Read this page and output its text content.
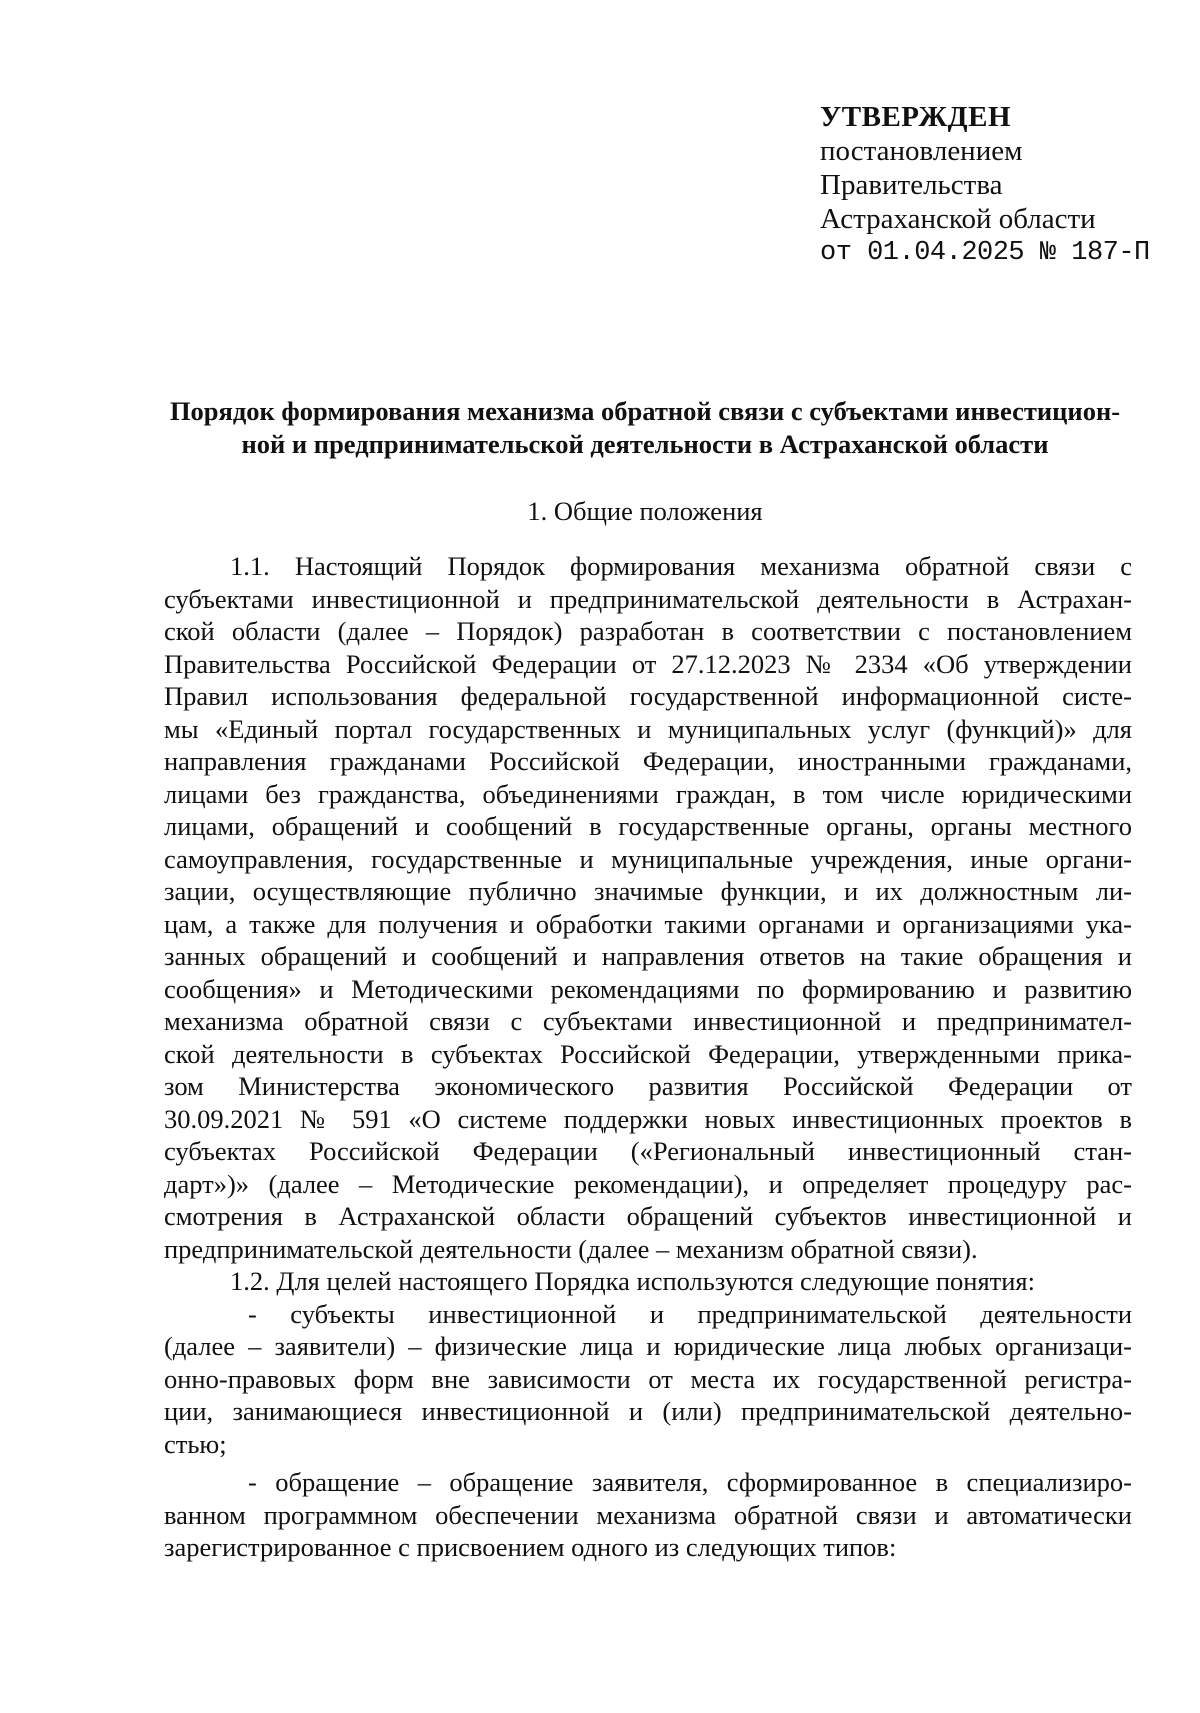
УТВЕРЖДЕН
постановлением
Правительства
Астраханской области
от 01.04.2025 № 187-П
Порядок формирования механизма обратной связи с субъектами инвестицион-
ной и предпринимательской деятельности в Астраханской области
1. Общие положения
1.1. Настоящий Порядок формирования механизма обратной связи с
субъектами инвестиционной и предпринимательской деятельности в Астрахан-
ской области (далее – Порядок) разработан в соответствии с постановлением
Правительства Российской Федерации от 27.12.2023 № 2334 «Об утверждении
Правил использования федеральной государственной информационной систе-
мы «Единый портал государственных и муниципальных услуг (функций)» для
направления гражданами Российской Федерации, иностранными гражданами,
лицами без гражданства, объединениями граждан, в том числе юридическими
лицами, обращений и сообщений в государственные органы, органы местного
самоуправления, государственные и муниципальные учреждения, иные органи-
зации, осуществляющие публично значимые функции, и их должностным ли-
цам, а также для получения и обработки такими органами и организациями ука-
занных обращений и сообщений и направления ответов на такие обращения и
сообщения» и Методическими рекомендациями по формированию и развитию
механизма обратной связи с субъектами инвестиционной и предпринимател-
ской деятельности в субъектах Российской Федерации, утвержденными прика-
зом Министерства экономического развития Российской Федерации от
30.09.2021 № 591 «О системе поддержки новых инвестиционных проектов в
субъектах Российской Федерации («Региональный инвестиционный стан-
дарт»)» (далее – Методические рекомендации), и определяет процедуру рас-
смотрения в Астраханской области обращений субъектов инвестиционной и
предпринимательской деятельности (далее – механизм обратной связи).
1.2. Для целей настоящего Порядка используются следующие понятия:
- субъекты инвестиционной и предпринимательской деятельности
(далее – заявители) – физические лица и юридические лица любых организаци-
онно-правовых форм вне зависимости от места их государственной регистра-
ции, занимающиеся инвестиционной и (или) предпринимательской деятельно-
стью;
- обращение – обращение заявителя, сформированное в специализиро-
ванном программном обеспечении механизма обратной связи и автоматически
зарегистрированное с присвоением одного из следующих типов:
